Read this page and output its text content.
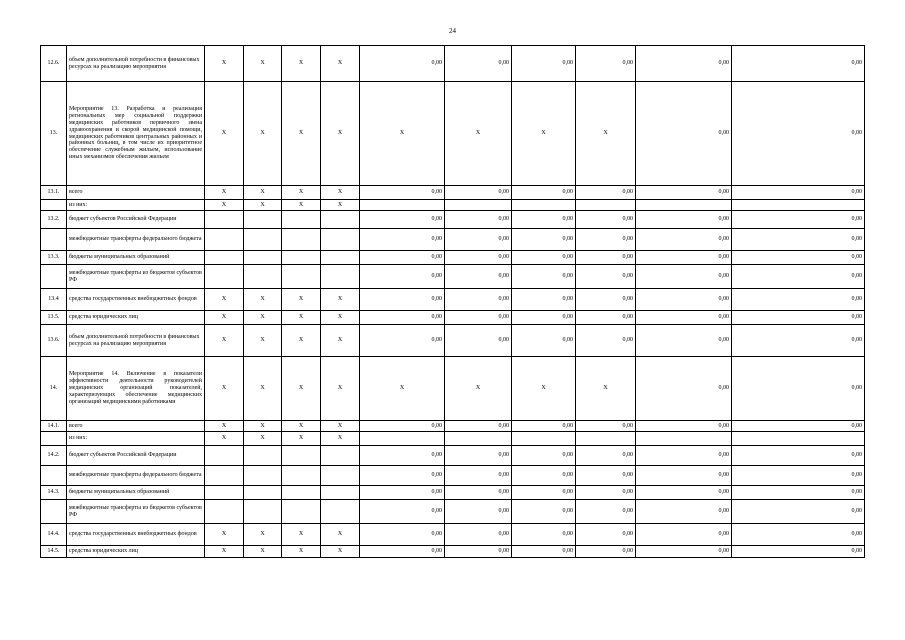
24
12.6.	объем дополнительной потребности в финансовых ресурсах на реализацию мероприятия	X	X	X	X	0,00	0,00	0,00	0,00	0,00	0,00
13.	Мероприятие 13. Разработка и реализация региональных мер социальной поддержки медицинских работников первичного звена здравоохранения и скорой медицинской помощи, медицинских работников центральных районных и районных больниц, в том числе их приоритетное обеспечение служебным жильем, использование иных механизмов обеспечения жильем	X	X	X	X	X	X	X	X	0,00	0,00
13.1.	всего	X	X	X	X	0,00	0,00	0,00	0,00	0,00	0,00
	из них:	X	X	X	X						
13.2.	бюджет субъектов Российской Федерации					0,00	0,00	0,00	0,00	0,00	0,00
	межбюджетные трансферты федерального бюджета					0,00	0,00	0,00	0,00	0,00	0,00
13.3.	бюджеты муниципальных образований					0,00	0,00	0,00	0,00	0,00	0,00
	межбюджетные трансферты из бюджетов субъектов РФ					0,00	0,00	0,00	0,00	0,00	0,00
13.4	средства государственных внебюджетных фондов	X	X	X	X	0,00	0,00	0,00	0,00	0,00	0,00
13.5.	средства юридических лиц	X	X	X	X	0,00	0,00	0,00	0,00	0,00	0,00
13.6.	объем дополнительной потребности в финансовых ресурсах на реализацию мероприятия	X	X	X	X	0,00	0,00	0,00	0,00	0,00	0,00
14.	Мероприятие 14. Включение в показатели эффективности деятельности руководителей медицинских организаций показателей, характеризующих обеспечение медицинских организаций медицинскими работниками	X	X	X	X	X	X	X	X	0,00	0,00
14.1.	всего	X	X	X	X	0,00	0,00	0,00	0,00	0,00	0,00
	из них:	X	X	X	X						
14.2.	бюджет субъектов Российской Федерации					0,00	0,00	0,00	0,00	0,00	0,00
	межбюджетные трансферты федерального бюджета					0,00	0,00	0,00	0,00	0,00	0,00
14.3.	бюджеты муниципальных образований					0,00	0,00	0,00	0,00	0,00	0,00
	межбюджетные трансферты из бюджетов субъектов РФ					0,00	0,00	0,00	0,00	0,00	0,00
14.4.	средства государственных внебюджетных фондов	X	X	X	X	0,00	0,00	0,00	0,00	0,00	0,00
14.5.	средства юридических лиц	X	X	X	X	0,00	0,00	0,00	0,00	0,00	0,00
